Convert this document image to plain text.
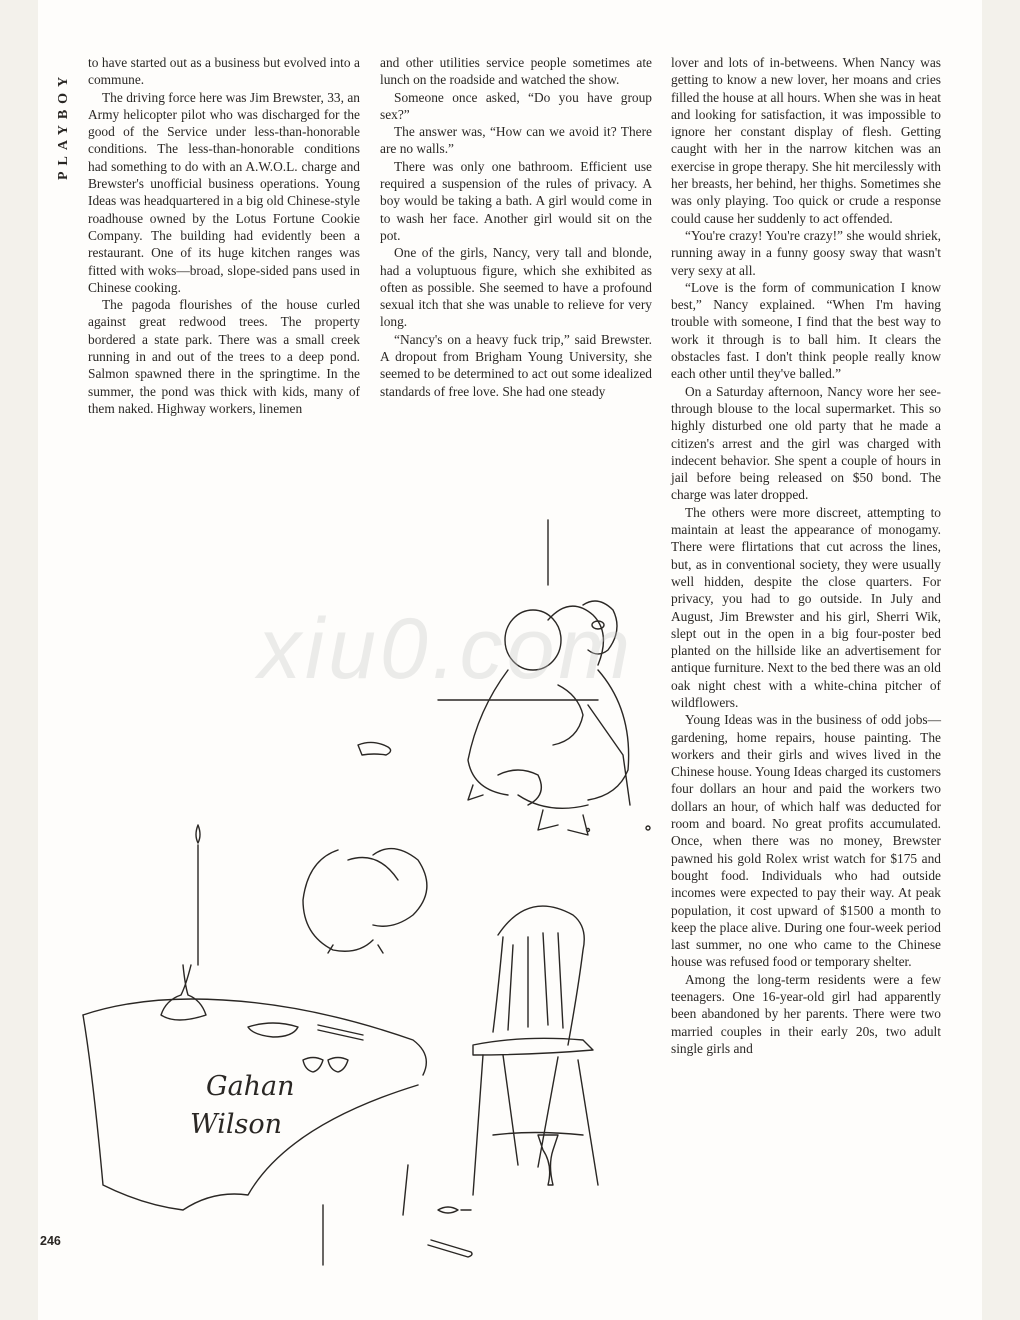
PLAYBOY

to have started out as a business but evolved into a commune.

The driving force here was Jim Brewster, 33, an Army helicopter pilot who was discharged for the good of the Service under less-than-honorable conditions. The less-than-honorable conditions had something to do with an A.W.O.L. charge and Brewster's unofficial business operations. Young Ideas was headquartered in a big old Chinese-style roadhouse owned by the Lotus Fortune Cookie Company. The building had evidently been a restaurant. One of its huge kitchen ranges was fitted with woks—broad, slope-sided pans used in Chinese cooking.

The pagoda flourishes of the house curled against great redwood trees. The property bordered a state park. There was a small creek running in and out of the trees to a deep pond. Salmon spawned there in the springtime. In the summer, the pond was thick with kids, many of them naked. Highway workers, linemen

and other utilities service people sometimes ate lunch on the roadside and watched the show.

Someone once asked, “Do you have group sex?”

The answer was, “How can we avoid it? There are no walls.”

There was only one bathroom. Efficient use required a suspension of the rules of privacy. A boy would be taking a bath. A girl would come in to wash her face. Another girl would sit on the pot.

One of the girls, Nancy, very tall and blonde, had a voluptuous figure, which she exhibited as often as possible. She seemed to have a profound sexual itch that she was unable to relieve for very long.

“Nancy's on a heavy fuck trip,” said Brewster. A dropout from Brigham Young University, she seemed to be determined to act out some idealized standards of free love. She had one steady

lover and lots of in-betweens. When Nancy was getting to know a new lover, her moans and cries filled the house at all hours. When she was in heat and looking for satisfaction, it was impossible to ignore her constant display of flesh. Getting caught with her in the narrow kitchen was an exercise in grope therapy. She hit mercilessly with her breasts, her behind, her thighs. Sometimes she was only playing. Too quick or crude a response could cause her suddenly to act offended.

“You're crazy! You're crazy!” she would shriek, running away in a funny goosy sway that wasn't very sexy at all.

“Love is the form of communication I know best,” Nancy explained. “When I'm having trouble with someone, I find that the best way to work it through is to ball him. It clears the obstacles fast. I don't think people really know each other until they've balled.”

On a Saturday afternoon, Nancy wore her see-through blouse to the local supermarket. This so highly disturbed one old party that he made a citizen's arrest and the girl was charged with indecent behavior. She spent a couple of hours in jail before being released on $50 bond. The charge was later dropped.

The others were more discreet, attempting to maintain at least the appearance of monogamy. There were flirtations that cut across the lines, but, as in conventional society, they were usually well hidden, despite the close quarters. For privacy, you had to go outside. In July and August, Jim Brewster and his girl, Sherri Wik, slept out in the open in a big four-poster bed planted on the hillside like an advertisement for antique furniture. Next to the bed there was an old oak night chest with a white-china pitcher of wildflowers.

Young Ideas was in the business of odd jobs—gardening, home repairs, house painting. The workers and their girls and wives lived in the Chinese house. Young Ideas charged its customers four dollars an hour and paid the workers two dollars an hour, of which half was deducted for room and board. No great profits accumulated. Once, when there was no money, Brewster pawned his gold Rolex wrist watch for $175 and bought food. Individuals who had outside incomes were expected to pay their way. At peak population, it cost upward of $1500 a month to keep the place alive. During one four-week period last summer, no one who came to the Chinese house was refused food or temporary shelter.

Among the long-term residents were a few teenagers. One 16-year-old girl had apparently been abandoned by her parents. There were two married couples in their early 20s, two adult single girls and

Gahan
Wilson
xiu0.com
246
